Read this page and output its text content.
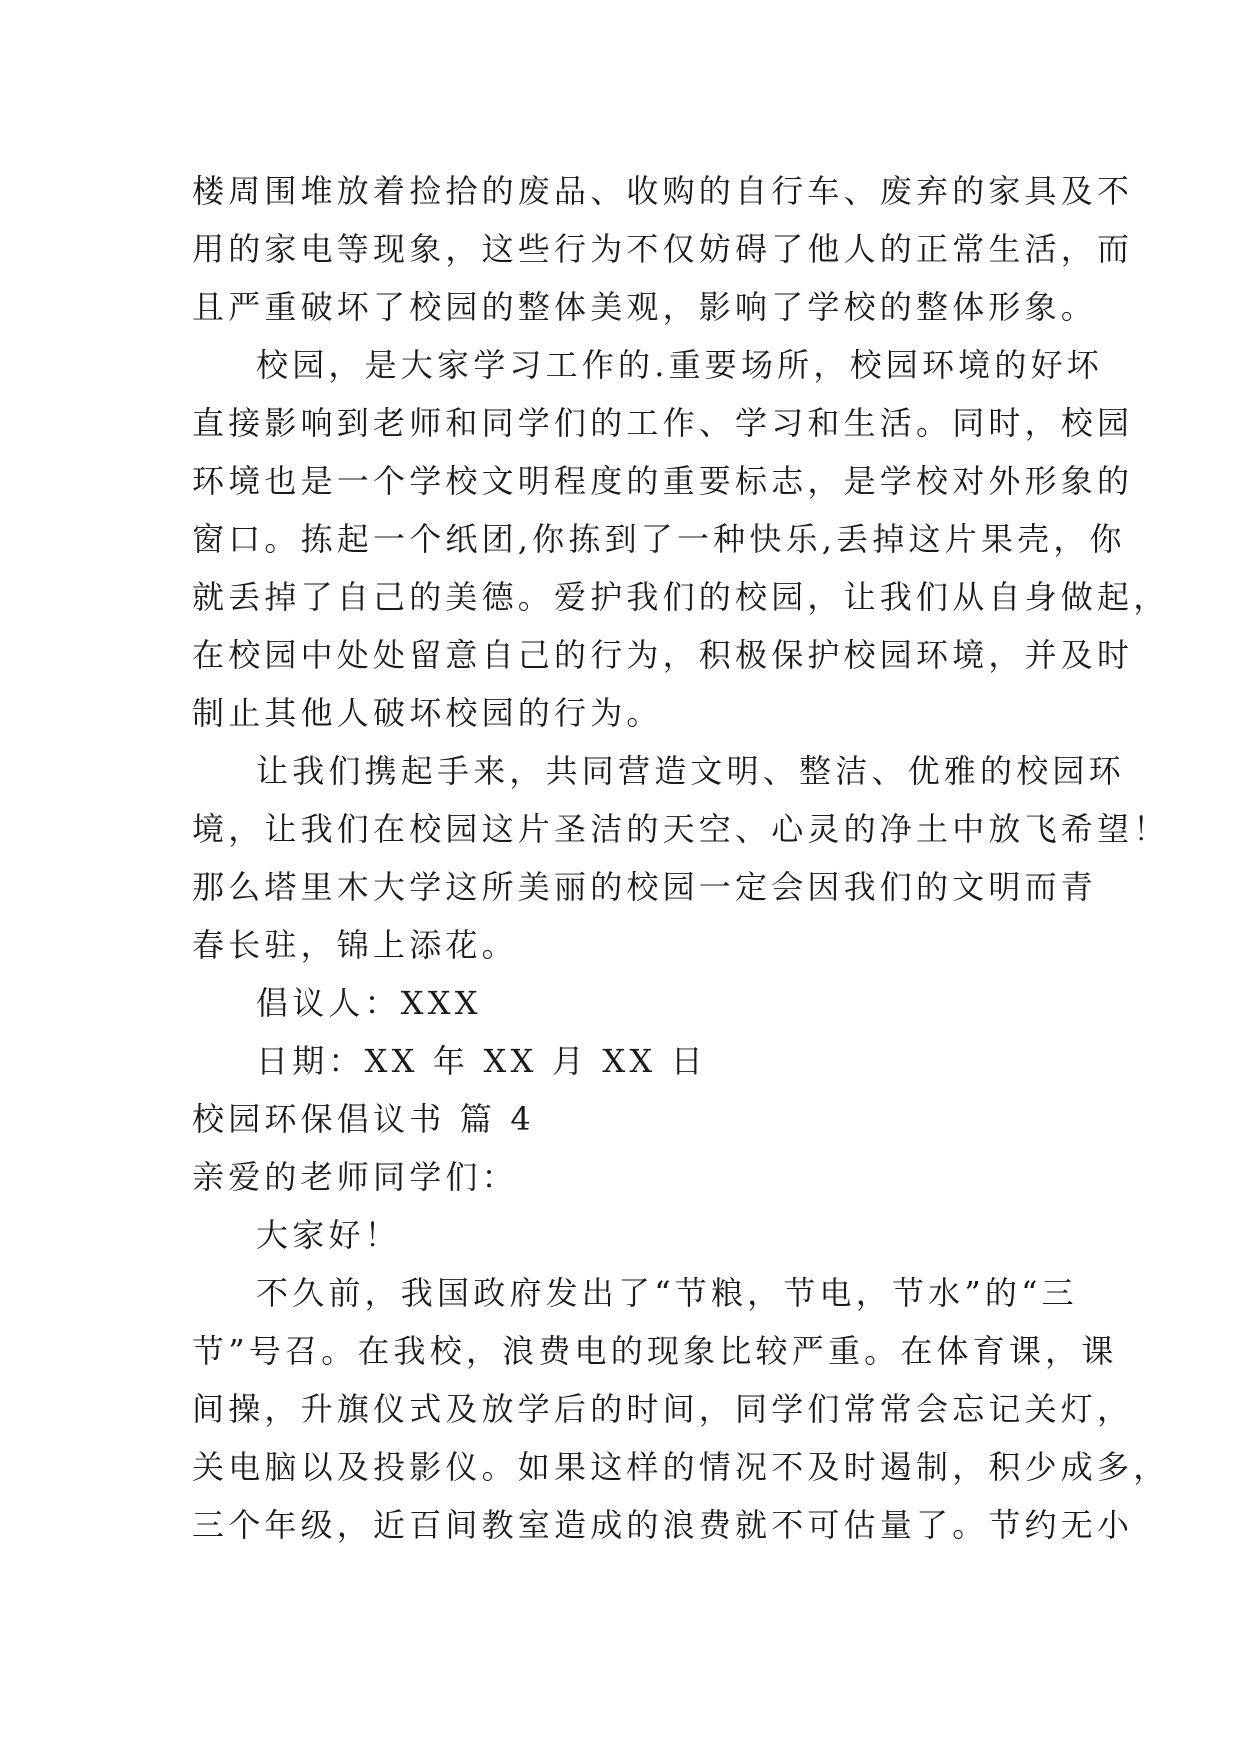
楼周围堆放着捡拾的废品、收购的自行车、废弃的家具及不
用的家电等现象，这些行为不仅妨碍了他人的正常生活，而
且严重破坏了校园的整体美观，影响了学校的整体形象。
校园，是大家学习工作的.重要场所，校园环境的好坏
直接影响到老师和同学们的工作、学习和生活。同时，校园
环境也是一个学校文明程度的重要标志，是学校对外形象的
窗口。拣起一个纸团,你拣到了一种快乐,丢掉这片果壳，你
就丢掉了自己的美德。爱护我们的校园，让我们从自身做起，
在校园中处处留意自己的行为，积极保护校园环境，并及时
制止其他人破坏校园的行为。
让我们携起手来，共同营造文明、整洁、优雅的校园环
境，让我们在校园这片圣洁的天空、心灵的净土中放飞希望！
那么塔里木大学这所美丽的校园一定会因我们的文明而青
春长驻，锦上添花。
倡议人：XXX
日期：XX 年 XX 月 XX 日
校园环保倡议书 篇 4
亲爱的老师同学们：
大家好！
不久前，我国政府发出了“节粮，节电，节水”的“三
节”号召。在我校，浪费电的现象比较严重。在体育课，课
间操，升旗仪式及放学后的时间，同学们常常会忘记关灯，
关电脑以及投影仪。如果这样的情况不及时遏制，积少成多，
三个年级，近百间教室造成的浪费就不可估量了。节约无小
